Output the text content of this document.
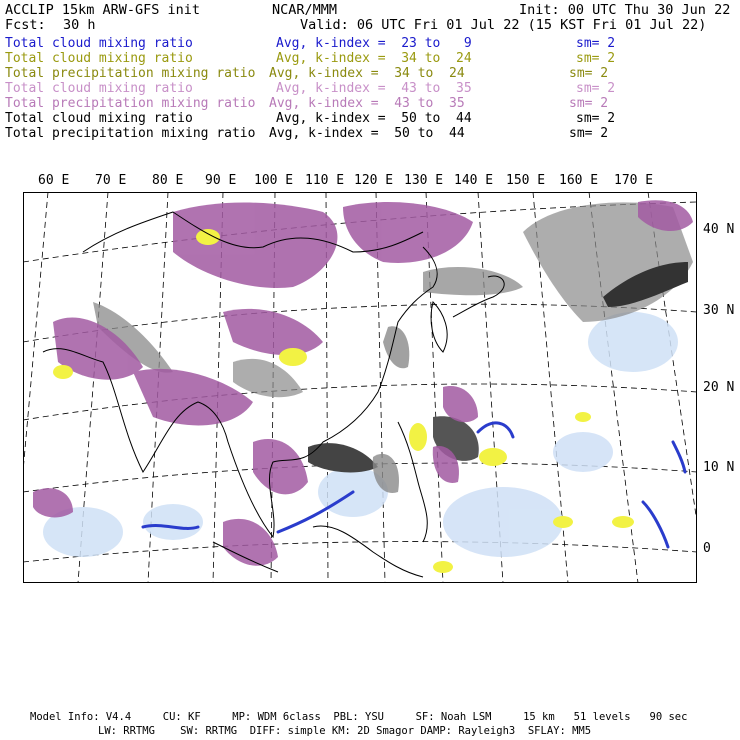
ACCLIP 15km ARW-GFS init	NCAR/MMM	Init: 00 UTC Thu 30 Jun 22
Fcst: 30 h	Valid: 06 UTC Fri 01 Jul 22 (15 KST Fri 01 Jul 22)
Total cloud mixing ratio	Avg, k-index =  23 to   9	sm= 2
Total cloud mixing ratio	Avg, k-index =  34 to  24	sm= 2
Total precipitation mixing ratio Avg, k-index =  34 to  24	sm= 2
Total cloud mixing ratio	Avg, k-index =  43 to  35	sm= 2
Total precipitation mixing ratio Avg, k-index =  43 to  35	sm= 2
Total cloud mixing ratio	Avg, k-index =  50 to  44	sm= 2
Total precipitation mixing ratio Avg, k-index =  50 to  44	sm= 2
60 E 70 E 80 E 90 E 100 E 110 E 120 E 130 E 140 E 150 E 160 E 170 E
40 N
30 N
20 N
10 N
0
Model Info: V4.4     CU: KF     MP: WDM 6class  PBL: YSU     SF: Noah LSM     15 km   51 levels   90 sec
LW: RRTMG    SW: RRTMG  DIFF: simple KM: 2D Smagor DAMP: Rayleigh3  SFLAY: MM5
